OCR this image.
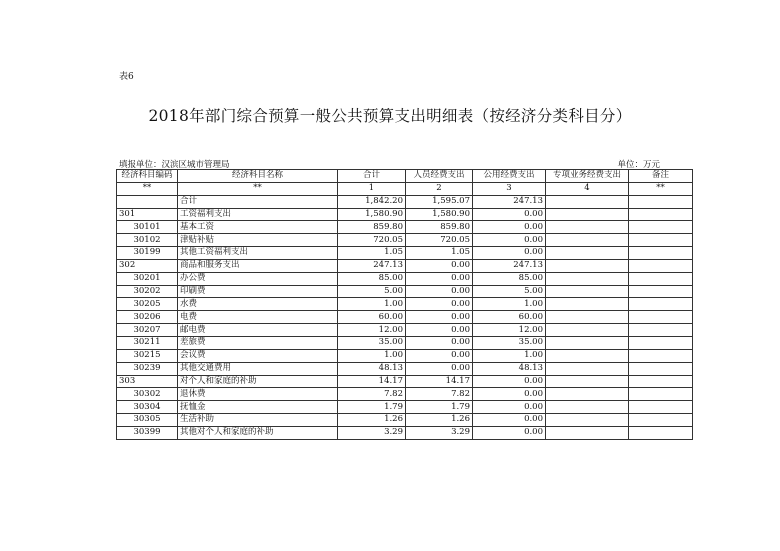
表6
2018年部门综合预算一般公共预算支出明细表（按经济分类科目分）
填报单位：汉滨区城市管理局	单位：万元
经济科目编码	经济科目名称	合计	人员经费支出	公用经费支出	专项业务经费支出	备注
**	**	1	2	3	4	**
	合计	1,842.20	1,595.07	247.13		
301	工资福利支出	1,580.90	1,580.90	0.00		
30101	基本工资	859.80	859.80	0.00		
30102	津贴补贴	720.05	720.05	0.00		
30199	其他工资福利支出	1.05	1.05	0.00		
302	商品和服务支出	247.13	0.00	247.13		
30201	办公费	85.00	0.00	85.00		
30202	印刷费	5.00	0.00	5.00		
30205	水费	1.00	0.00	1.00		
30206	电费	60.00	0.00	60.00		
30207	邮电费	12.00	0.00	12.00		
30211	差旅费	35.00	0.00	35.00		
30215	会议费	1.00	0.00	1.00		
30239	其他交通费用	48.13	0.00	48.13		
303	对个人和家庭的补助	14.17	14.17	0.00		
30302	退休费	7.82	7.82	0.00		
30304	抚恤金	1.79	1.79	0.00		
30305	生活补助	1.26	1.26	0.00		
30399	其他对个人和家庭的补助	3.29	3.29	0.00		
